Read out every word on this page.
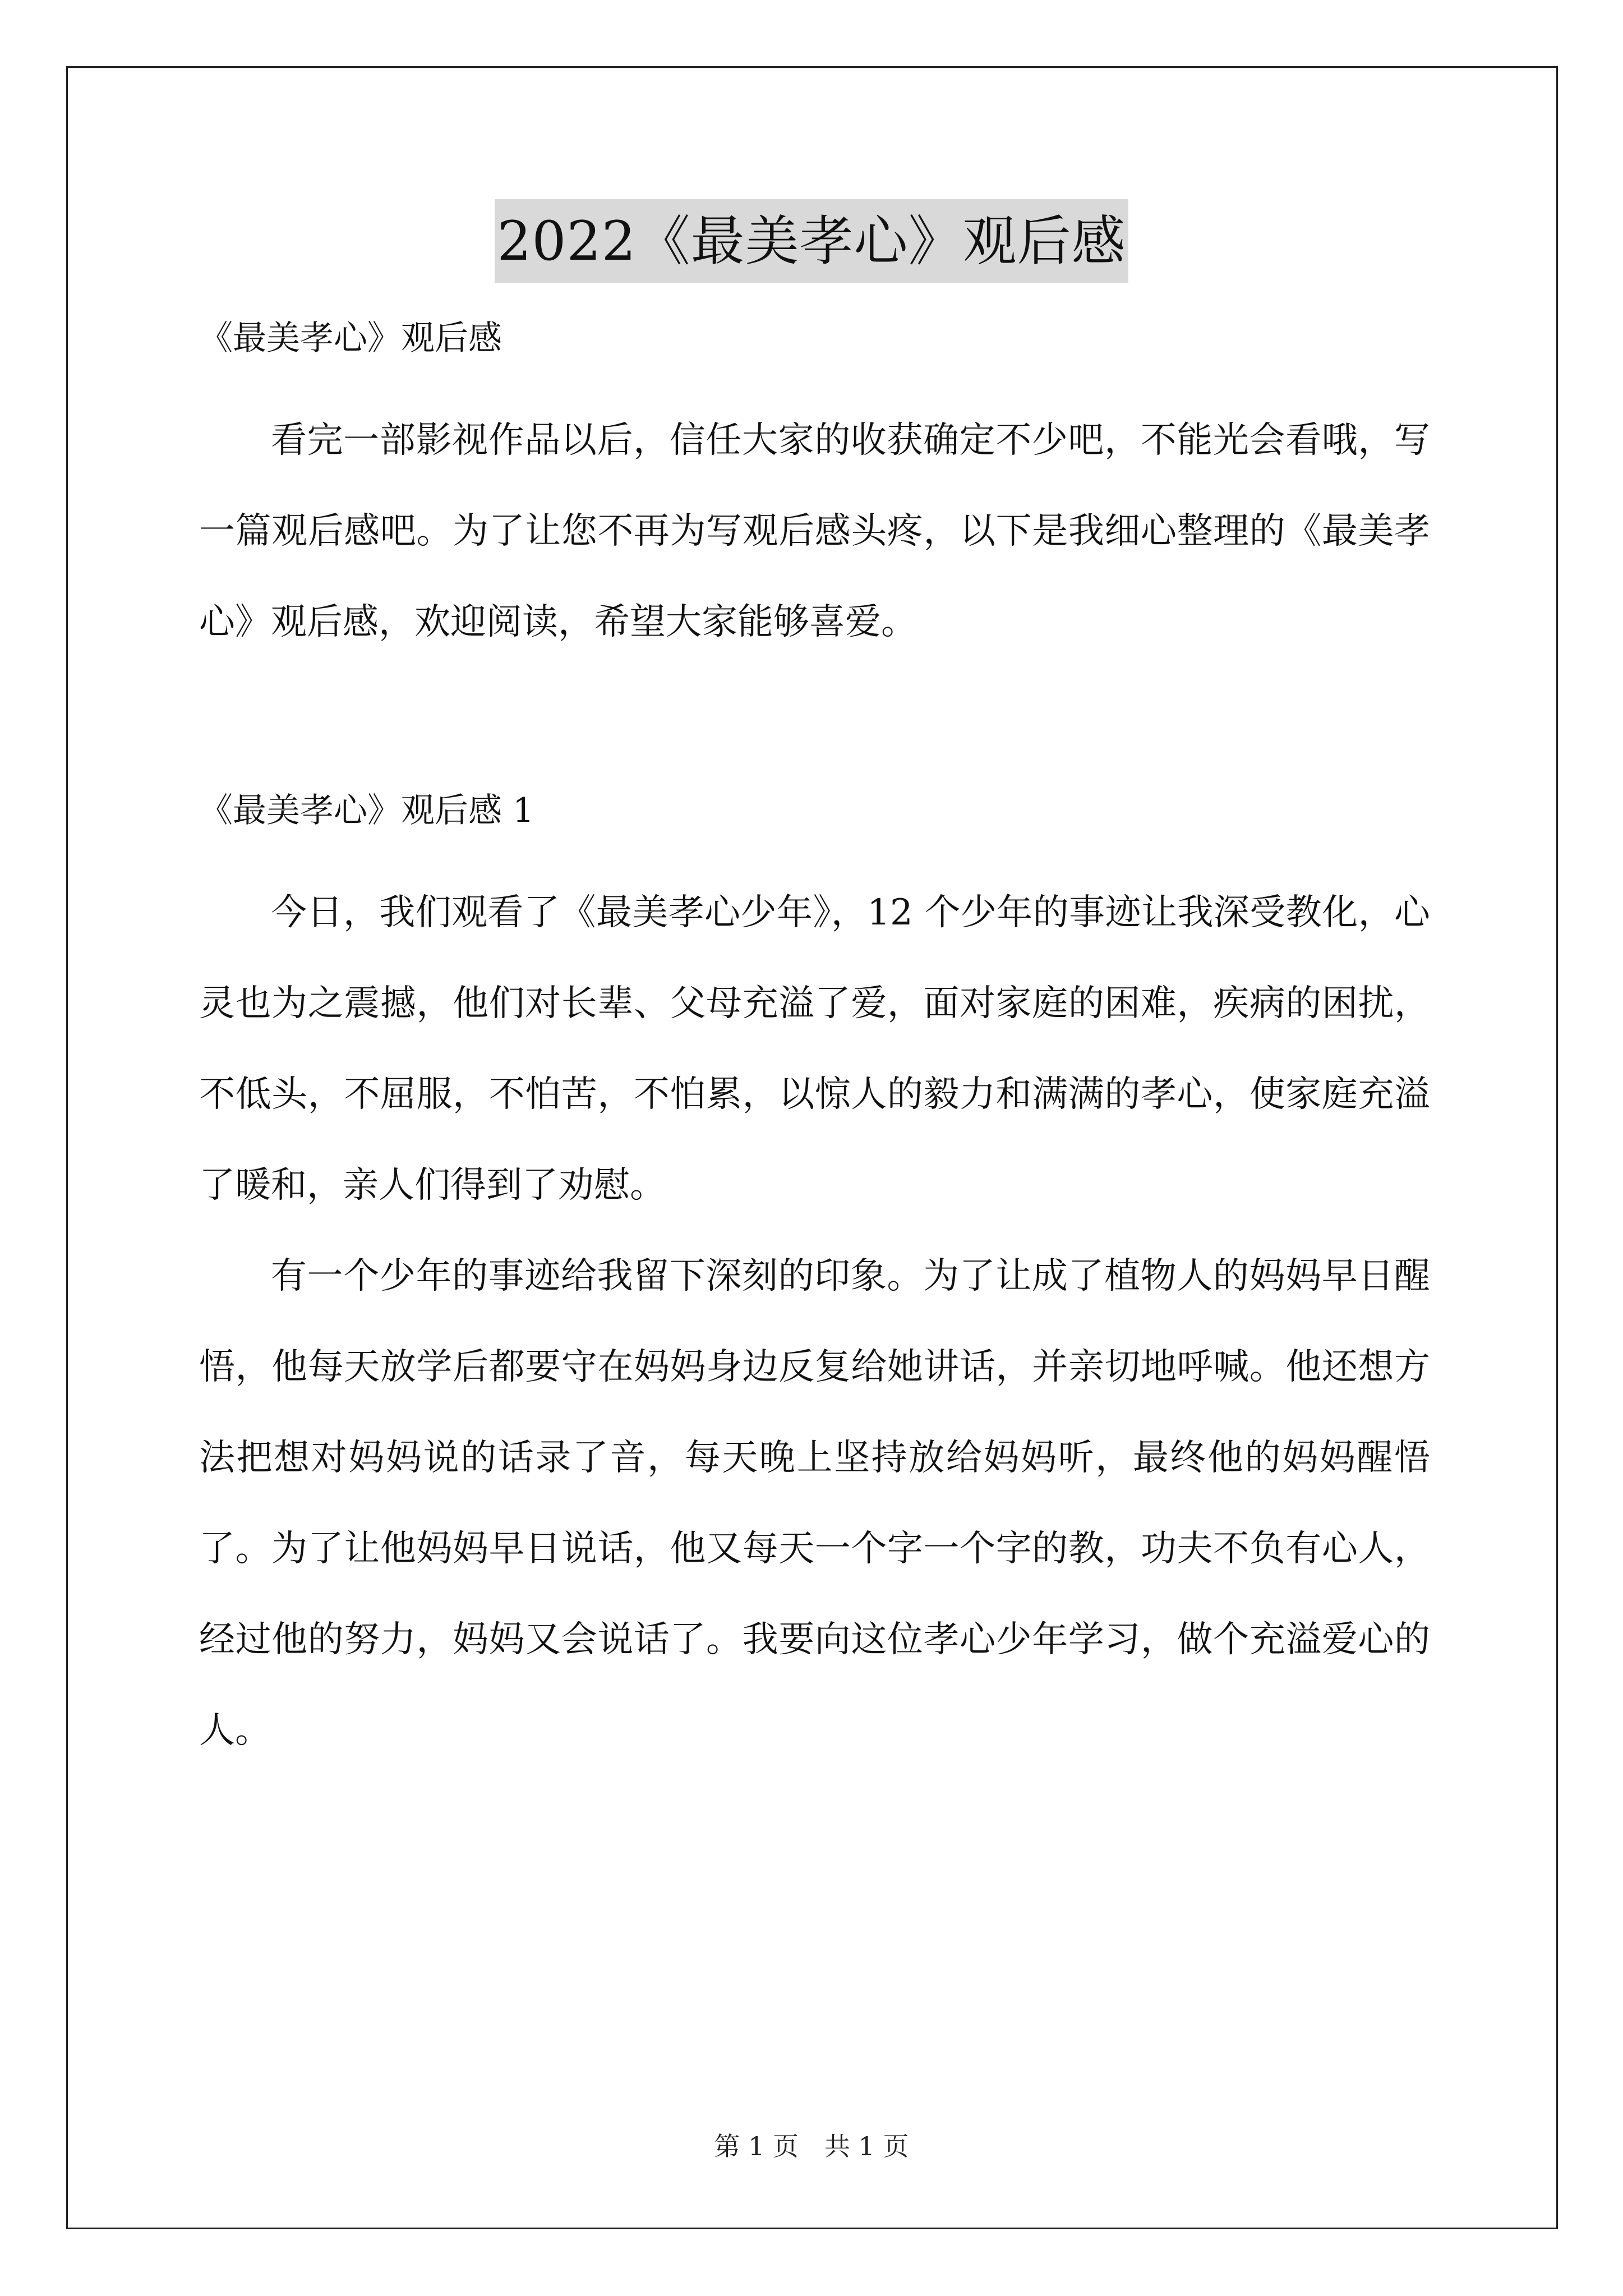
2022《最美孝心》观后感

《最美孝心》观后感

看完一部影视作品以后，信任大家的收获确定不少吧，不能光会看哦，写一篇观后感吧。为了让您不再为写观后感头疼，以下是我细心整理的《最美孝心》观后感，欢迎阅读，希望大家能够喜爱。

《最美孝心》观后感 1

今日，我们观看了《最美孝心少年》，12 个少年的事迹让我深受教化，心灵也为之震撼，他们对长辈、父母充溢了爱，面对家庭的困难，疾病的困扰，不低头，不屈服，不怕苦，不怕累，以惊人的毅力和满满的孝心，使家庭充溢了暖和，亲人们得到了劝慰。

有一个少年的事迹给我留下深刻的印象。为了让成了植物人的妈妈早日醒悟，他每天放学后都要守在妈妈身边反复给她讲话，并亲切地呼喊。他还想方法把想对妈妈说的话录了音，每天晚上坚持放给妈妈听，最终他的妈妈醒悟了。为了让他妈妈早日说话，他又每天一个字一个字的教，功夫不负有心人，经过他的努力，妈妈又会说话了。我要向这位孝心少年学习，做个充溢爱心的人。

第 1 页　共 1 页
